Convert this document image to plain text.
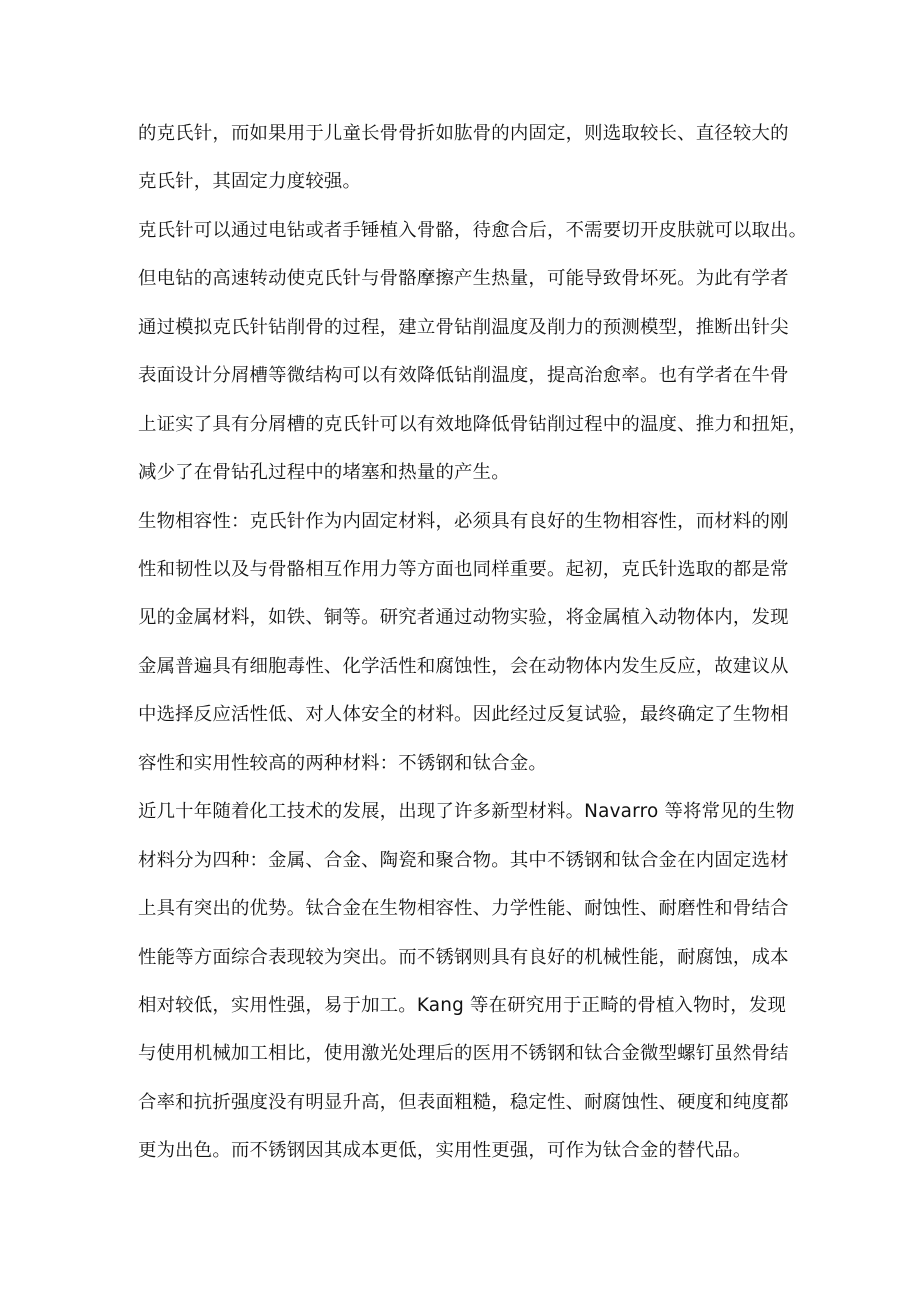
的克氏针，而如果用于儿童长骨骨折如肱骨的内固定，则选取较长、直径较大的
克氏针，其固定力度较强。
克氏针可以通过电钻或者手锤植入骨骼，待愈合后，不需要切开皮肤就可以取出。
但电钻的高速转动使克氏针与骨骼摩擦产生热量，可能导致骨坏死。为此有学者
通过模拟克氏针钻削骨的过程，建立骨钻削温度及削力的预测模型，推断出针尖
表面设计分屑槽等微结构可以有效降低钻削温度，提高治愈率。也有学者在牛骨
上证实了具有分屑槽的克氏针可以有效地降低骨钻削过程中的温度、推力和扭矩，
减少了在骨钻孔过程中的堵塞和热量的产生。
生物相容性：克氏针作为内固定材料，必须具有良好的生物相容性，而材料的刚
性和韧性以及与骨骼相互作用力等方面也同样重要。起初，克氏针选取的都是常
见的金属材料，如铁、铜等。研究者通过动物实验，将金属植入动物体内，发现
金属普遍具有细胞毒性、化学活性和腐蚀性，会在动物体内发生反应，故建议从
中选择反应活性低、对人体安全的材料。因此经过反复试验，最终确定了生物相
容性和实用性较高的两种材料：不锈钢和钛合金。
近几十年随着化工技术的发展，出现了许多新型材料。Navarro 等将常见的生物
材料分为四种：金属、合金、陶瓷和聚合物。其中不锈钢和钛合金在内固定选材
上具有突出的优势。钛合金在生物相容性、力学性能、耐蚀性、耐磨性和骨结合
性能等方面综合表现较为突出。而不锈钢则具有良好的机械性能，耐腐蚀，成本
相对较低，实用性强，易于加工。Kang 等在研究用于正畸的骨植入物时，发现
与使用机械加工相比，使用激光处理后的医用不锈钢和钛合金微型螺钉虽然骨结
合率和抗折强度没有明显升高，但表面粗糙，稳定性、耐腐蚀性、硬度和纯度都
更为出色。而不锈钢因其成本更低，实用性更强，可作为钛合金的替代品。
